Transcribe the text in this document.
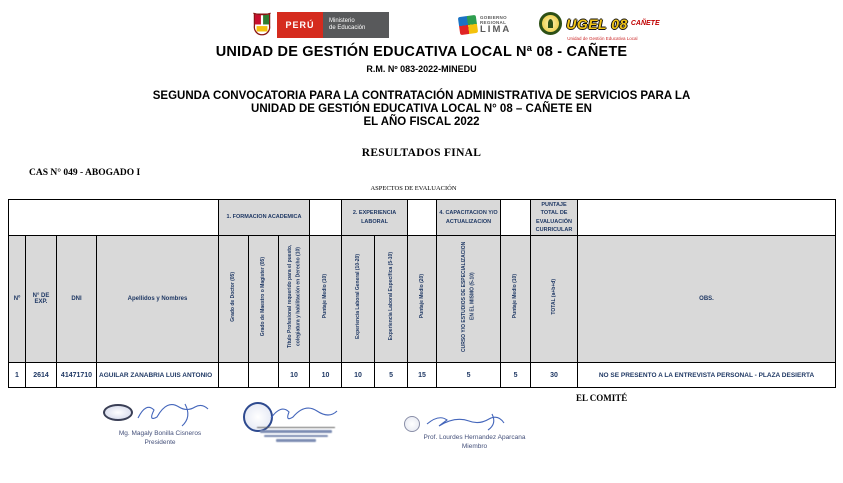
PERÚ	Ministerio
de Educación
GOBIERNO
REGIONAL
LIMA	UGEL 08 CAÑETE
Unidad de Gestión Educativa Local
UNIDAD DE GESTIÓN EDUCATIVA LOCAL Nª 08 - CAÑETE
R.M. Nº 083-2022-MINEDU
SEGUNDA CONVOCATORIA PARA LA CONTRATACIÓN ADMINISTRATIVA DE SERVICIOS PARA LA
UNIDAD DE GESTIÓN EDUCATIVA LOCAL N° 08 – CAÑETE EN
EL AÑO FISCAL 2022
RESULTADOS FINAL
CAS N° 049 - ABOGADO I
ASPECTOS DE EVALUACIÓN
				1. FORMACION ACADEMICA				2. EXPERIENCIA LABORAL			4. CAPACITACION Y/O ACTUALIZACION		PUNTAJE TOTAL DE EVALUACIÓN CURRICULAR	
Nº	N° DE EXP.	DNI	Apellidos y Nombres	Grado de Doctor (05)	Grado de Maestro o Magister (05)	Título Profesional requerido para el puesto, colegiatura y habilitación en Derecho (10)	Puntaje Medio (10)	Experiencia Laboral General (10-20)	Experiencia Laboral Específica (5-10)	Puntaje Medio (20)	CURSO Y/O ESTUDIOS DE ESPECIALIZACION EN EL MISMO (5-10)	Puntaje Medio (10)	TOTAL (a+b+d)	OBS.
1	2614	41471710	AGUILAR ZANABRIA LUIS ANTONIO			10	10	10	5	15	5	5	30	NO SE PRESENTO A LA ENTREVISTA PERSONAL - PLAZA DESIERTA
EL COMITÉ
Mg. Magaly Bonilla Cisneros
Presidente
Prof. Lourdes Hernandez Aparcana
Miembro
